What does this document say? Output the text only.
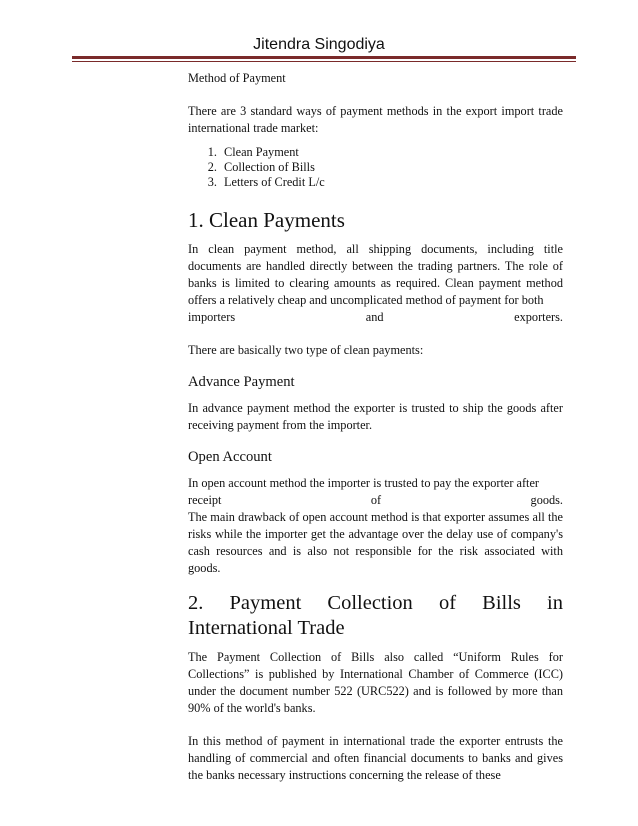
Jitendra Singodiya

Method of Payment

There are 3 standard ways of payment methods in the export import trade international trade market:

1. Clean Payment
2. Collection of Bills
3. Letters of Credit L/c
1. Clean Payments

In clean payment method, all shipping documents, including title documents are handled directly between the trading partners. The role of banks is limited to clearing amounts as required. Clean payment method offers a relatively cheap and uncomplicated method of payment for both

importers and exporters.

There are basically two type of clean payments:

Advance Payment

In advance payment method the exporter is trusted to ship the goods after receiving payment from the importer.

Open Account

In open account method the importer is trusted to pay the exporter after

receipt of goods.

The main drawback of open account method is that exporter assumes all the risks while the importer get the advantage over the delay use of company's cash resources and is also not responsible for the risk associated with goods.

2. Payment Collection of Bills in International Trade

The Payment Collection of Bills also called “Uniform Rules for Collections” is published by International Chamber of Commerce (ICC) under the document number 522 (URC522) and is followed by more than 90% of the world's banks.

In this method of payment in international trade the exporter entrusts the handling of commercial and often financial documents to banks and gives the banks necessary instructions concerning the release of these
